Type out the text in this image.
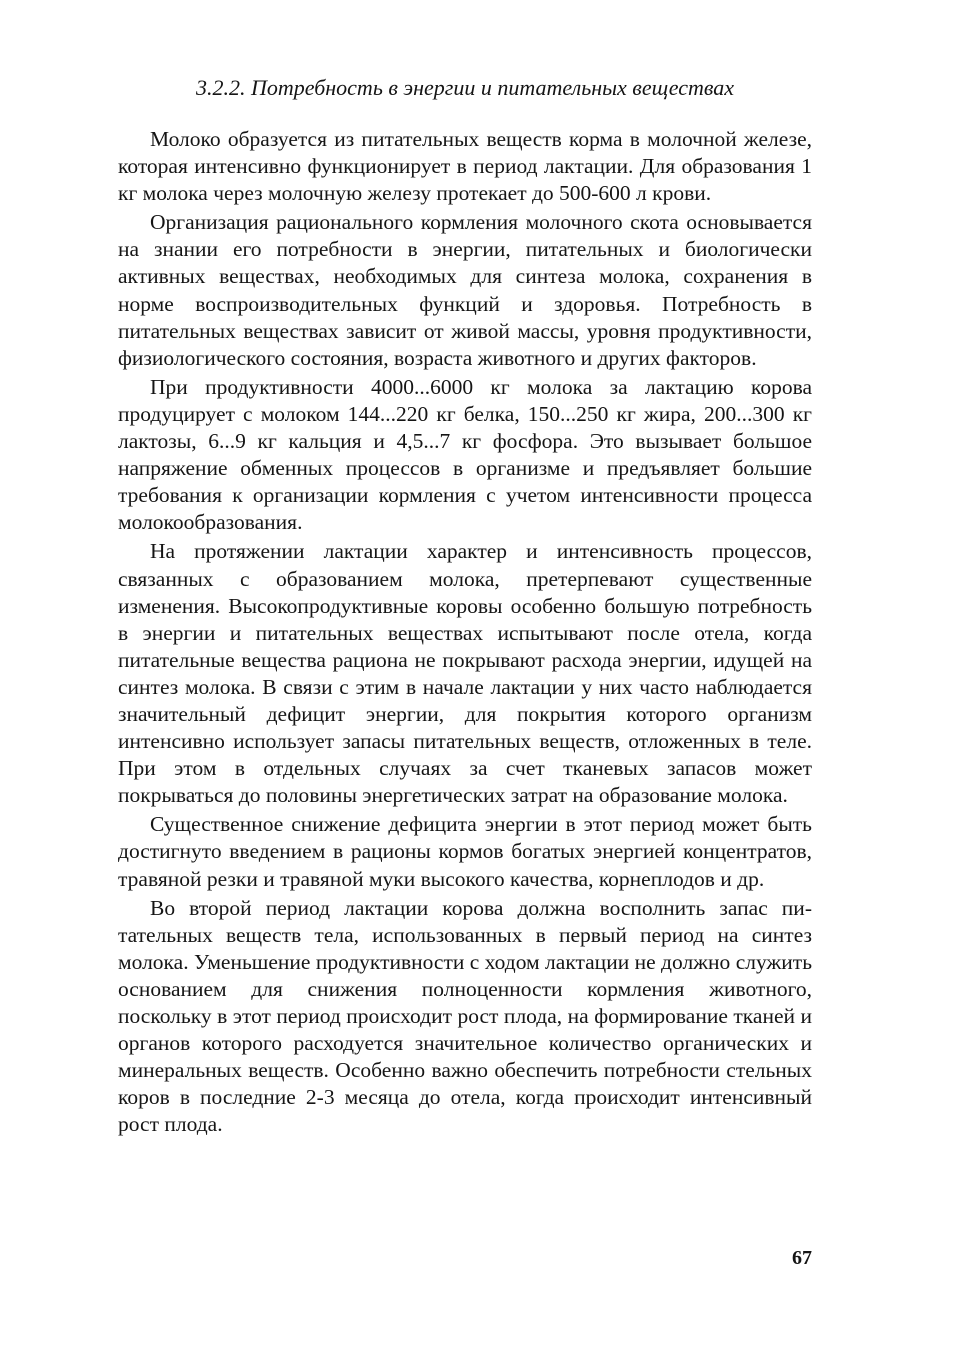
3.2.2. Потребность в энергии и питательных веществах

Молоко образуется из питательных веществ корма в молочной железе, которая интенсивно функционирует в период лактации. Для образования 1 кг молока через молочную железу протекает до 500-600 л крови.

Организация рационального кормления молочного скота основывается на знании его потребности в энергии, питательных и биологически активных веществах, необходимых для синтеза молока, сохранения в норме воспроизводительных функций и здоровья. Потребность в питательных веществах зависит от живой массы, уровня продуктивности, физиологического состояния, возраста животного и других факторов.

При продуктивности 4000...6000 кг молока за лактацию корова продуцирует с молоком 144...220 кг белка, 150...250 кг жира, 200...300 кг лактозы, 6...9 кг кальция и 4,5...7 кг фосфора. Это вызывает большое напряжение обменных процессов в организме и предъявляет большие требования к организации кормления с учетом интенсивности процесса молокообразования.

На протяжении лактации характер и интенсивность процессов, связанных с образованием молока, претерпевают существенные изменения. Высокопродуктивные коровы особенно большую потребность в энергии и питательных веществах испытывают после отела, когда питательные вещества рациона не покрывают расхода энергии, идущей на синтез молока. В связи с этим в начале лактации у них часто наблюдается значительный дефицит энергии, для покрытия которого организм интенсивно использует запасы питательных веществ, отложенных в теле. При этом в отдельных случаях за счет тканевых запасов может покрываться до половины энергетических затрат на образование молока.

Существенное снижение дефицита энергии в этот период может быть достигнуто введением в рационы кормов богатых энергией концентратов, травяной резки и травяной муки высокого качества, корнеплодов и др.

Во второй период лактации корова должна восполнить запас питательных веществ тела, использованных в первый период на синтез молока. Уменьшение продуктивности с ходом лактации не должно служить основанием для снижения полноценности кормления животного, поскольку в этот период происходит рост плода, на формирование тканей и органов которого расходуется значительное количество органических и минеральных веществ. Особенно важно обеспечить потребности стельных коров в последние 2-3 месяца до отела, когда происходит интенсивный рост плода.

67
